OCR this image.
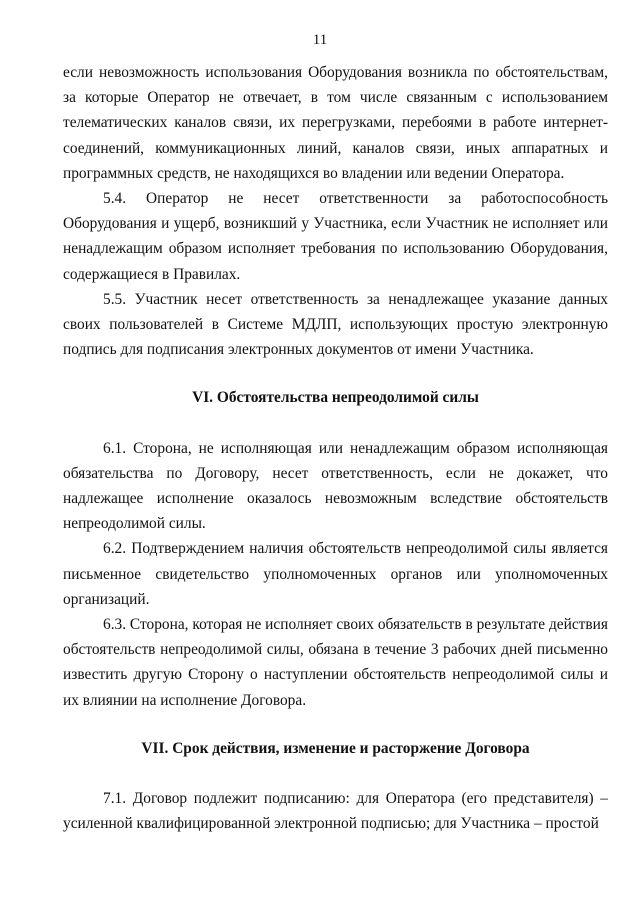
11

если невозможность использования Оборудования возникла по обстоятельствам, за которые Оператор не отвечает, в том числе связанным с использованием телематических каналов связи, их перегрузками, перебоями в работе интернет-соединений, коммуникационных линий, каналов связи, иных аппаратных и программных средств, не находящихся во владении или ведении Оператора.

5.4. Оператор не несет ответственности за работоспособность Оборудования и ущерб, возникший у Участника, если Участник не исполняет или ненадлежащим образом исполняет требования по использованию Оборудования, содержащиеся в Правилах.

5.5. Участник несет ответственность за ненадлежащее указание данных своих пользователей в Системе МДЛП, использующих простую электронную подпись для подписания электронных документов от имени Участника.

VI. Обстоятельства непреодолимой силы

6.1. Сторона, не исполняющая или ненадлежащим образом исполняющая обязательства по Договору, несет ответственность, если не докажет, что надлежащее исполнение оказалось невозможным вследствие обстоятельств непреодолимой силы.

6.2. Подтверждением наличия обстоятельств непреодолимой силы является письменное свидетельство уполномоченных органов или уполномоченных организаций.

6.3. Сторона, которая не исполняет своих обязательств в результате действия обстоятельств непреодолимой силы, обязана в течение 3 рабочих дней письменно известить другую Сторону о наступлении обстоятельств непреодолимой силы и их влиянии на исполнение Договора.

VII. Срок действия, изменение и расторжение Договора

7.1. Договор подлежит подписанию: для Оператора (его представителя) – усиленной квалифицированной электронной подписью; для Участника – простой
